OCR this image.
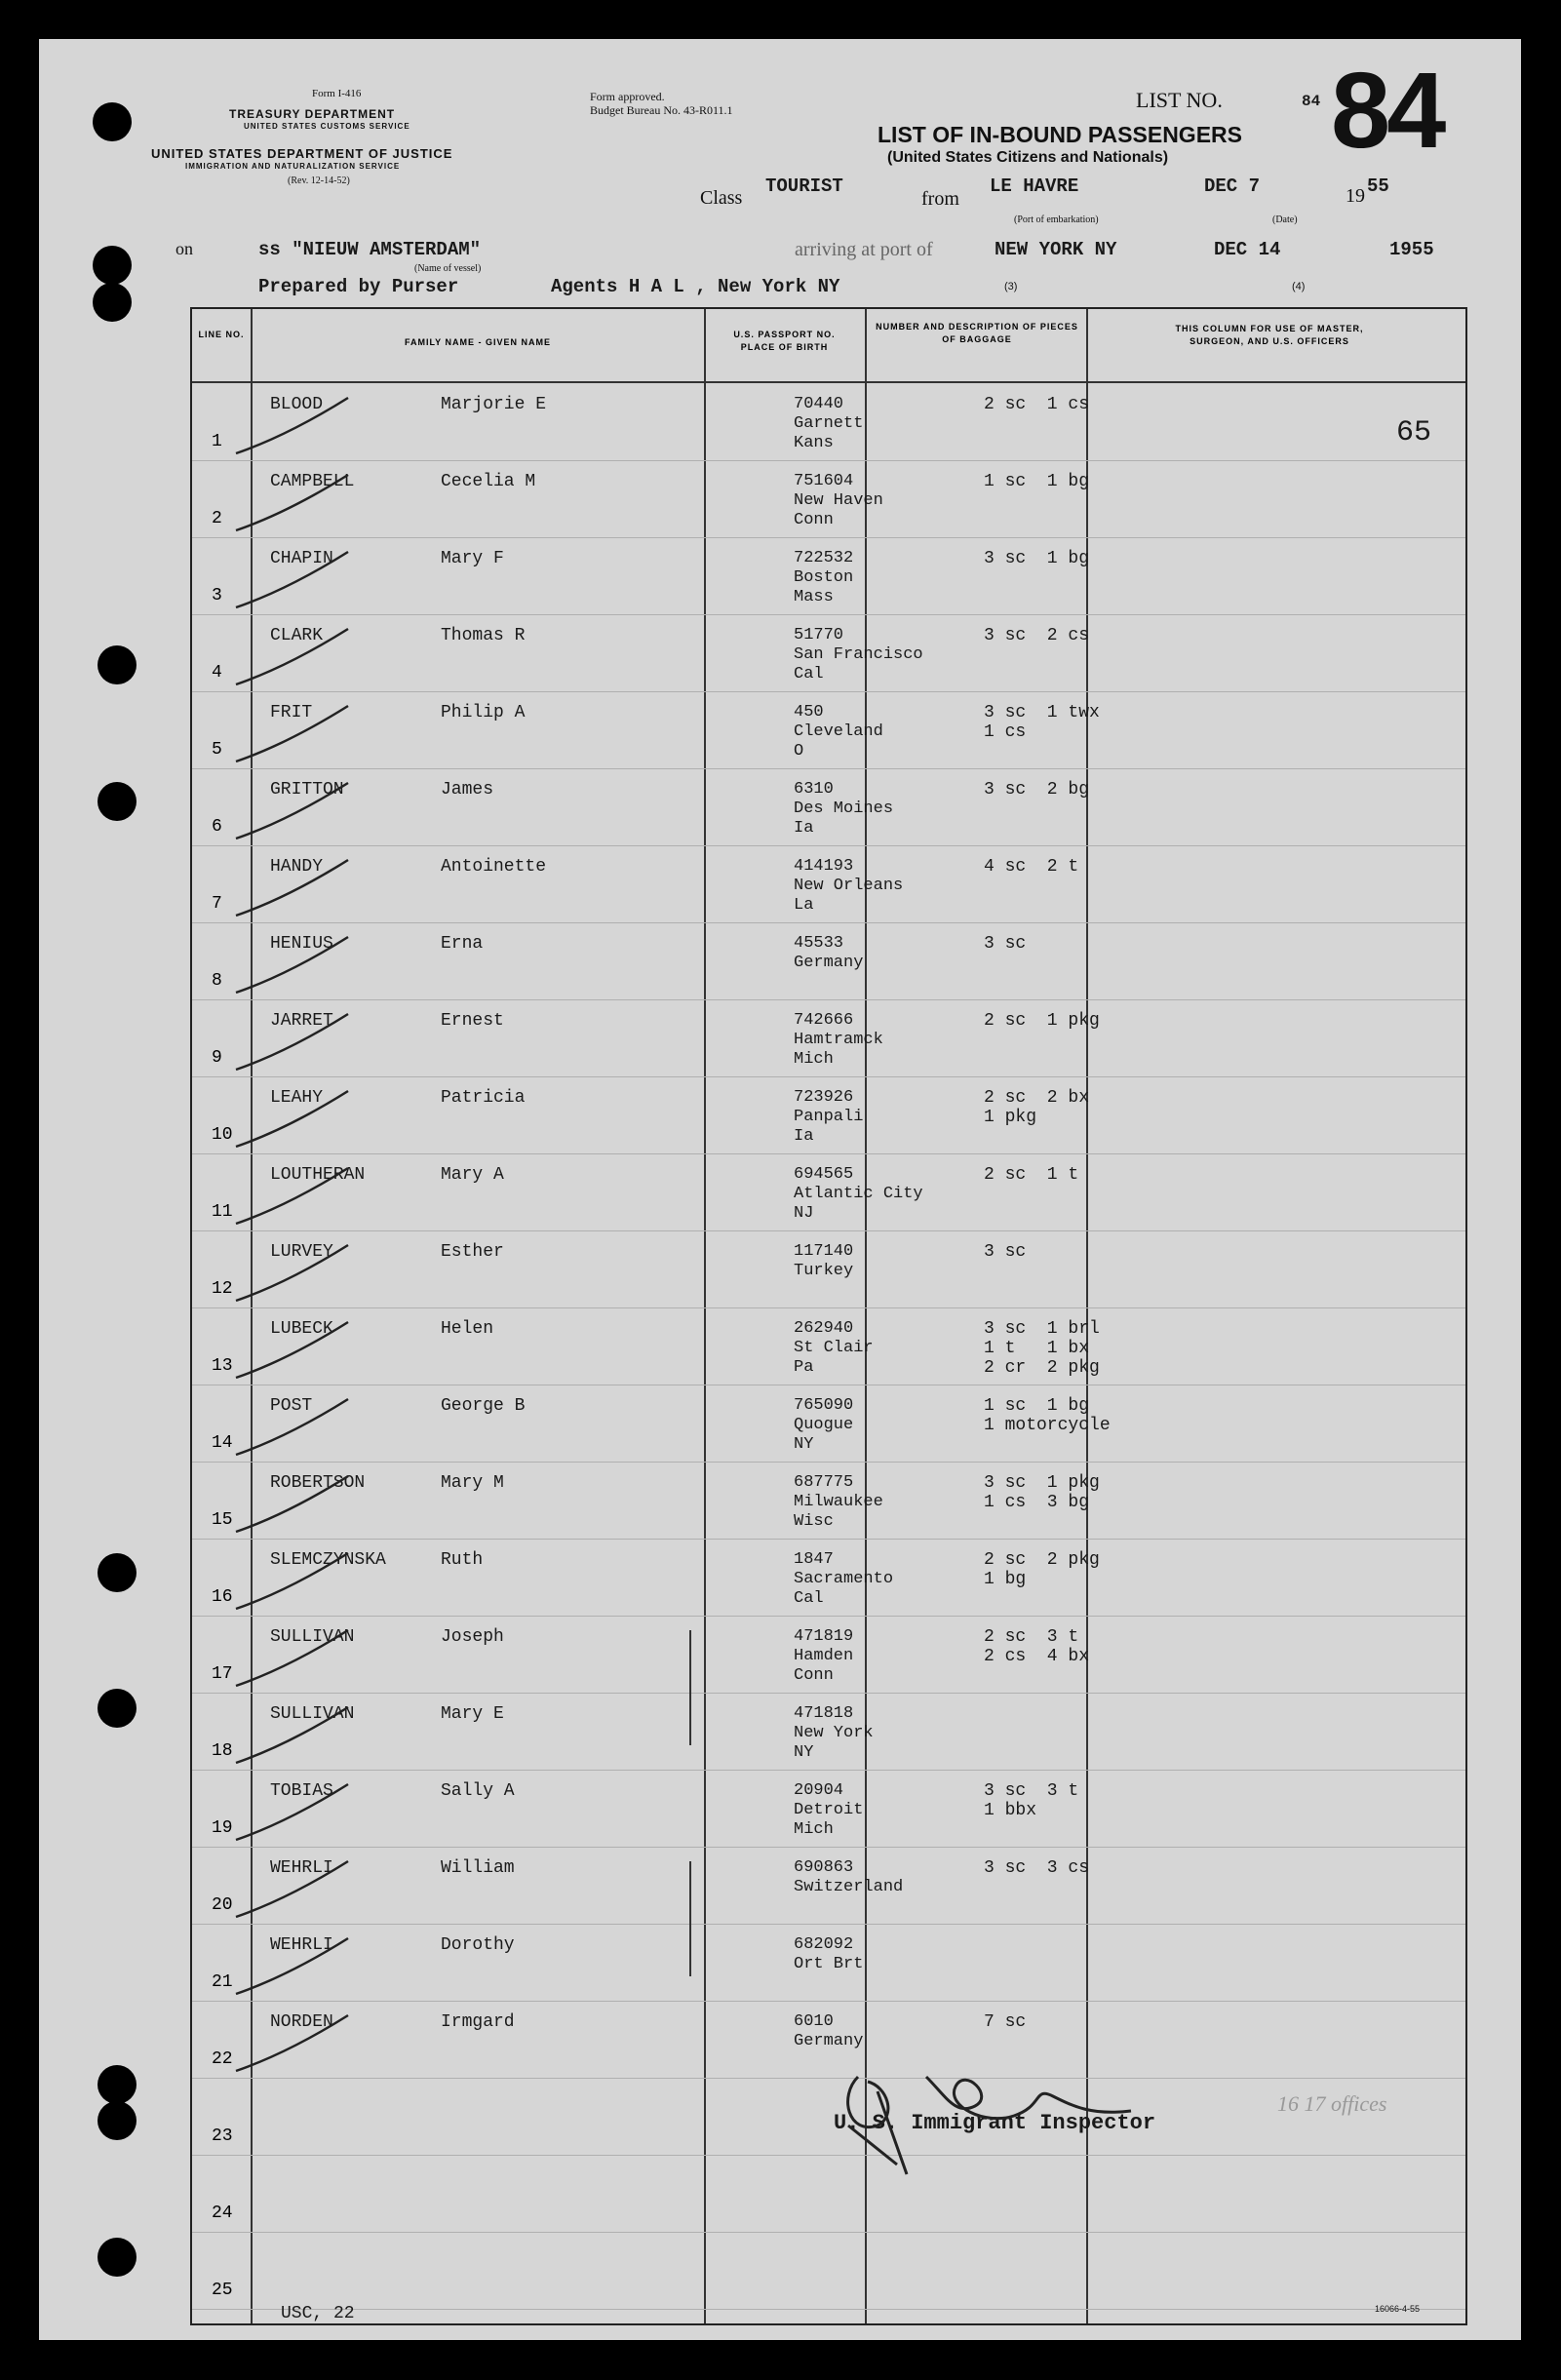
Form I-416
TREASURY DEPARTMENT
UNITED STATES CUSTOMS SERVICE
UNITED STATES DEPARTMENT OF JUSTICE
IMMIGRATION AND NATURALIZATION SERVICE
(Rev. 12-14-52)
Form approved.
Budget Bureau No. 43-R011.1	LIST NO.	84 84
LIST OF IN-BOUND PASSENGERS
(United States Citizens and Nationals)
Class
TOURIST
from
LE HAVRE
(Port of embarkation)
DEC 7	19 55
(Date)
on	ss "NIEUW AMSTERDAM"
(Name of vessel)
arriving at port of	NEW YORK NY	DEC 14	1955
Prepared by Purser	Agents H A L , New York NY	(3)	(4)
LINE NO.
FAMILY NAME - GIVEN NAME
U.S. PASSPORT NO. PLACE OF BIRTH
NUMBER AND DESCRIPTION OF PIECES OF BAGGAGE
THIS COLUMN FOR USE OF MASTER, SURGEON, AND U.S. OFFICERS
65
1
BLOOD	Marjorie E	70440
Garnett
Kans
2 sc  1 cs
2
CAMPBELL	Cecelia M	751604
New Haven
Conn
1 sc  1 bg
3
CHAPIN	Mary F	722532
Boston
Mass
3 sc  1 bg
4
CLARK	Thomas R	51770
San Francisco
Cal
3 sc  2 cs
5
FRIT	Philip A	450
Cleveland
O
3 sc  1 twx
1 cs
6
GRITTON	James	6310
Des Moines
Ia
3 sc  2 bg
7
HANDY	Antoinette	414193
New Orleans
La
4 sc  2 t
8
HENIUS	Erna	45533
Germany
3 sc
9
JARRET	Ernest	742666
Hamtramck
Mich
2 sc  1 pkg
10
LEAHY	Patricia	723926
Panpali
Ia
2 sc  2 bx
1 pkg
11
LOUTHERAN	Mary A	694565
Atlantic City
NJ
2 sc  1 t
12
LURVEY	Esther	117140
Turkey
3 sc
13
LUBECK	Helen	262940
St Clair
Pa
3 sc  1 brl
1 t   1 bx
2 cr  2 pkg
14
POST	George B	765090
Quogue
NY
1 sc  1 bg
1 motorcycle
15
ROBERTSON	Mary M	687775
Milwaukee
Wisc
3 sc  1 pkg
1 cs  3 bg
16
SLEMCZYNSKA	Ruth	1847
Sacramento
Cal
2 sc  2 pkg
1 bg
17
SULLIVAN	Joseph	471819
Hamden
Conn
2 sc  3 t
2 cs  4 bx
18
SULLIVAN	Mary E	471818
New York
NY
19
TOBIAS	Sally A	20904
Detroit
Mich
3 sc  3 t
1 bbx
20
WEHRLI	William	690863
Switzerland
3 sc  3 cs
21
WEHRLI	Dorothy	682092
Ort Brt
22
NORDEN	Irmgard	6010
Germany
7 sc
23
24
25
U. S. Immigrant Inspector
16 17 offices
USC, 22	16066-4-55
